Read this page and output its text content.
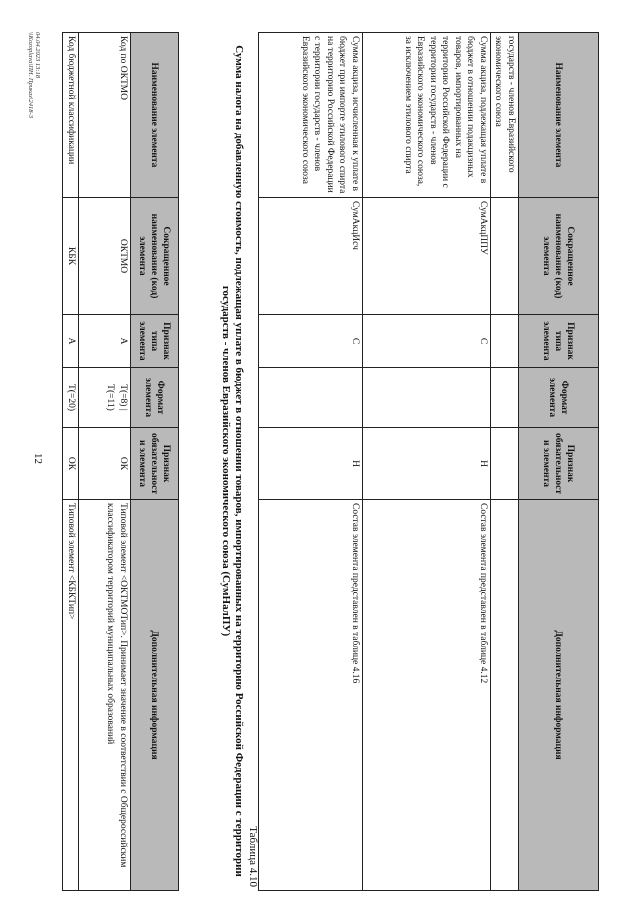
12
Наименование элемента	Сокращенное наименование (код) элемента	Признак типа элемента	Формат элемента	Признак обязательности элемента	Дополнительная информация
государств - членов Евразийского экономического союза					
Сумма акциза, подлежащая уплате в бюджет в отношении подакцизных товаров, импортированных на территорию Российской Федерации с территории государств - членов Евразийского экономического союза, за исключением этилового спирта	СумАкцППУ	С		Н	Состав элемента представлен в таблице 4.12
Сумма акциза, исчисленная к уплате в бюджет при импорте этилового спирта на территорию Российской Федерации с территории государств - членов Евразийского экономического союза	СумАкцИсч	С		Н	Состав элемента представлен в таблице 4.16
Таблица 4.10
Сумма налога на добавленную стоимость, подлежащая уплате в бюджет в отношении товаров, импортированных на территорию Российской Федерации с территории государств - членов Евразийского экономического союза (СумНалПУ)
Наименование элемента	Сокращенное наименование (код) элемента	Признак типа элемента	Формат элемента	Признак обязательности элемента	Дополнительная информация
Код по ОКТМО	ОКТМО	А	T(=8) | T(=11)	ОК	Типовой элемент <ОКТМОТип>. Принимает значение в соответствии с Общероссийским классификатором территорий муниципальных образований
Код бюджетной классификации	КБК	А	T(=20)	ОК	Типовой элемент <КБКТип>
04.04.2023 13:18
\\Kozoplava\ПН. Приказ\2418-3
